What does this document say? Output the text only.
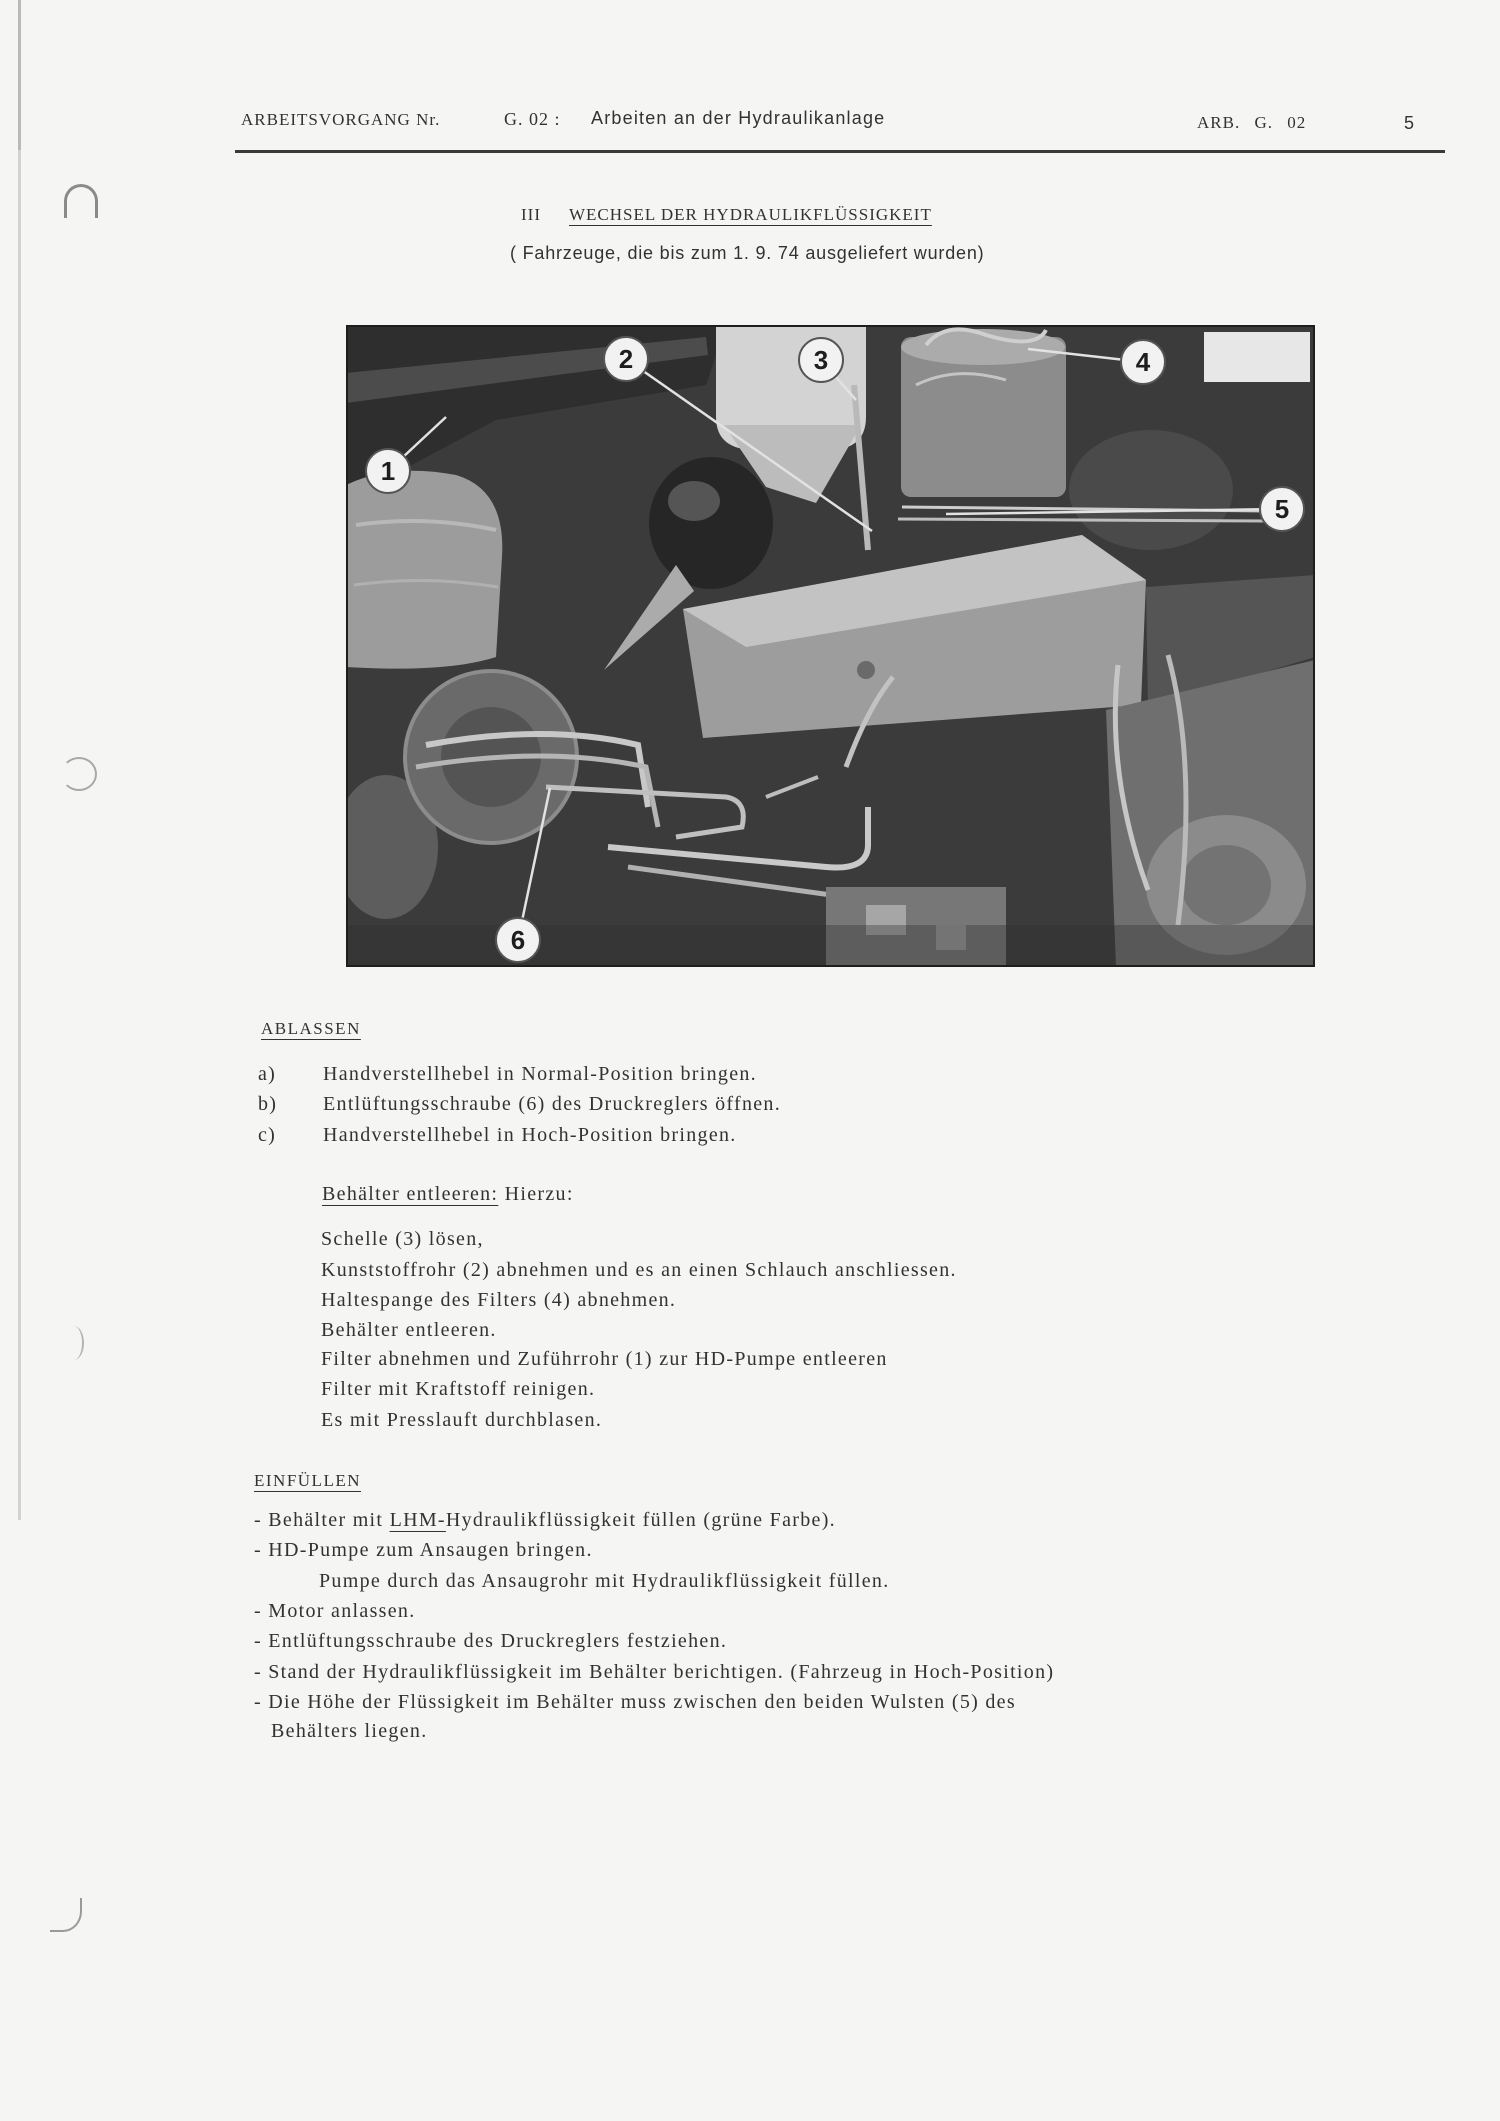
ARBEITSVORGANG Nr.	G. 02 : Arbeiten an der Hydraulikanlage	ARB. G. 02	5
III WECHSEL DER HYDRAULIKFLÜSSIGKEIT
( Fahrzeuge, die bis zum 1. 9. 74 ausgeliefert wurden)
1
2	3	4
5
6
ABLASSEN
a) Handverstellhebel in Normal-Position bringen.
b) Entlüftungsschraube (6) des Druckreglers öffnen.
c) Handverstellhebel in Hoch-Position bringen.
Behälter entleeren: Hierzu:
Schelle (3) lösen,
Kunststoffrohr (2) abnehmen und es an einen Schlauch anschliessen.
Haltespange des Filters (4) abnehmen.
Behälter entleeren.
Filter abnehmen und Zuführrohr (1) zur HD-Pumpe entleeren
Filter mit Kraftstoff reinigen.
Es mit Presslauft durchblasen.
EINFÜLLEN
- Behälter mit LHM-Hydraulikflüssigkeit füllen (grüne Farbe).
- HD-Pumpe zum Ansaugen bringen.
Pumpe durch das Ansaugrohr mit Hydraulikflüssigkeit füllen.
- Motor anlassen.
- Entlüftungsschraube des Druckreglers festziehen.
- Stand der Hydraulikflüssigkeit im Behälter berichtigen. (Fahrzeug in Hoch-Position)
- Die Höhe der Flüssigkeit im Behälter muss zwischen den beiden Wulsten (5) des
Behälters liegen.
